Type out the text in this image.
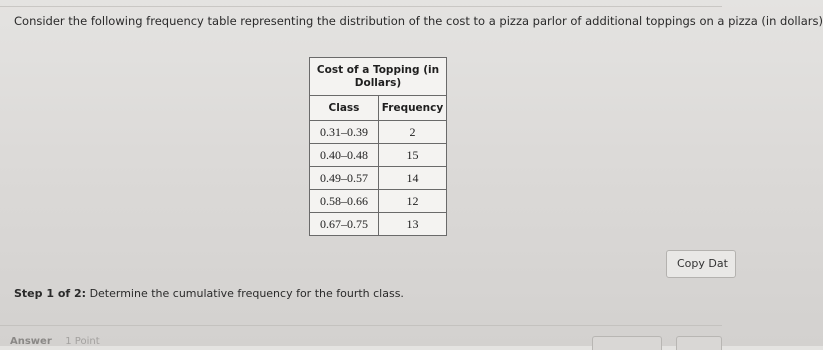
Consider the following frequency table representing the distribution of the cost to a pizza parlor of additional toppings on a pizza (in dollars)
Cost of a Topping (in Dollars)	
Class	Frequency
0.31–0.39	2
0.40–0.48	15
0.49–0.57	14
0.58–0.66	12
0.67–0.75	13
Copy Dat
Step 1 of 2: Determine the cumulative frequency for the fourth class.
Answer 1 Point
